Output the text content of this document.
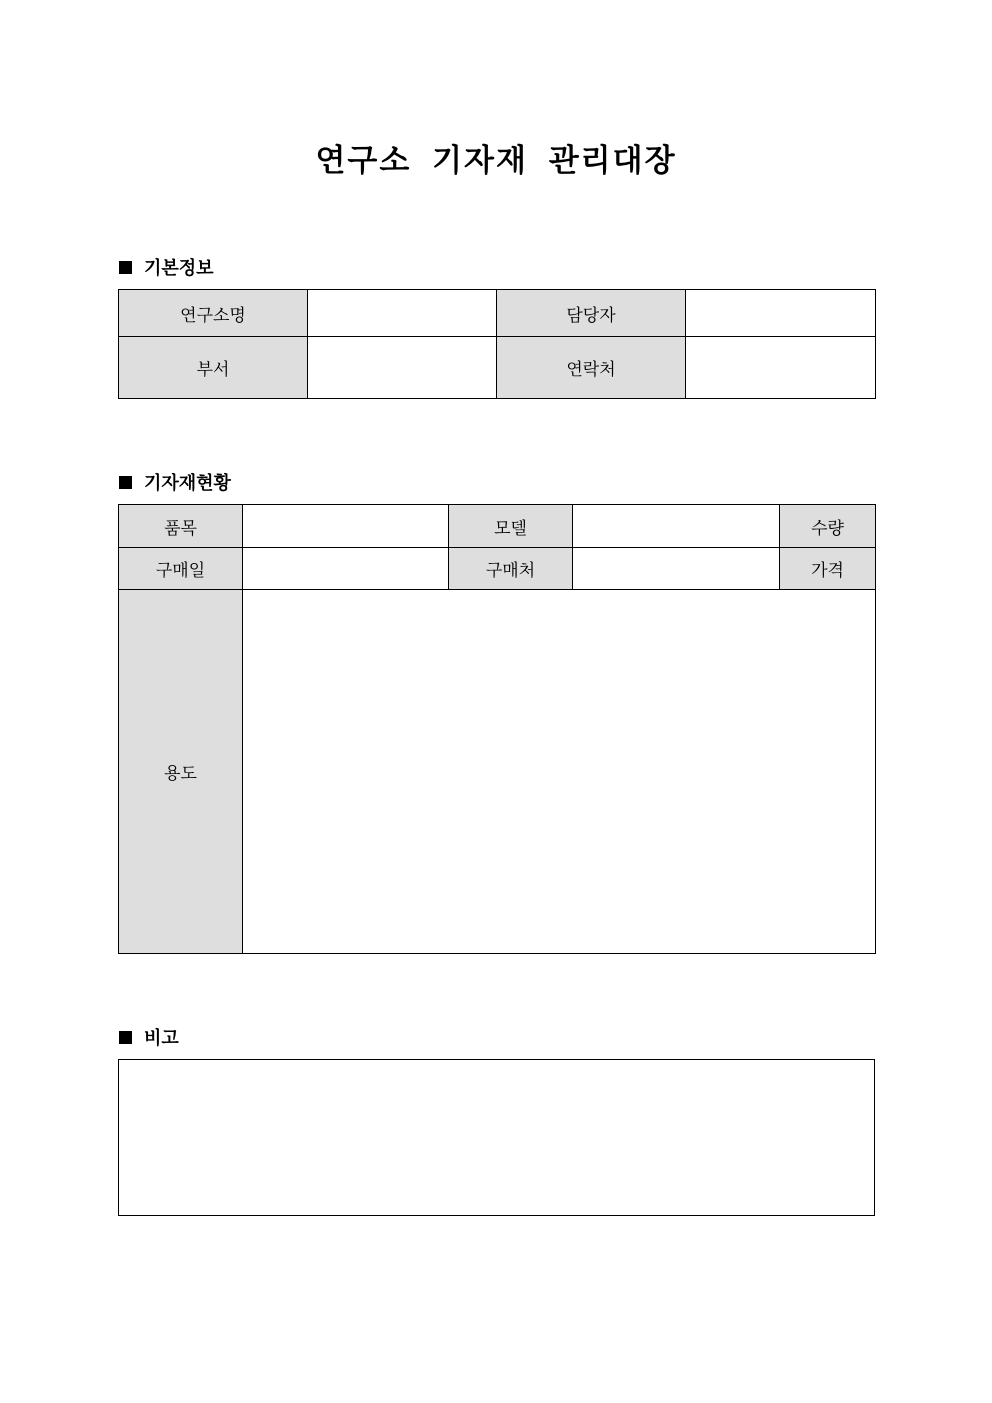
연구소 기자재 관리대장
기본정보
연구소명		담당자	
부서		연락처	
기자재현황
품목		모델		수량
구매일		구매처		가격
용도				
비고
